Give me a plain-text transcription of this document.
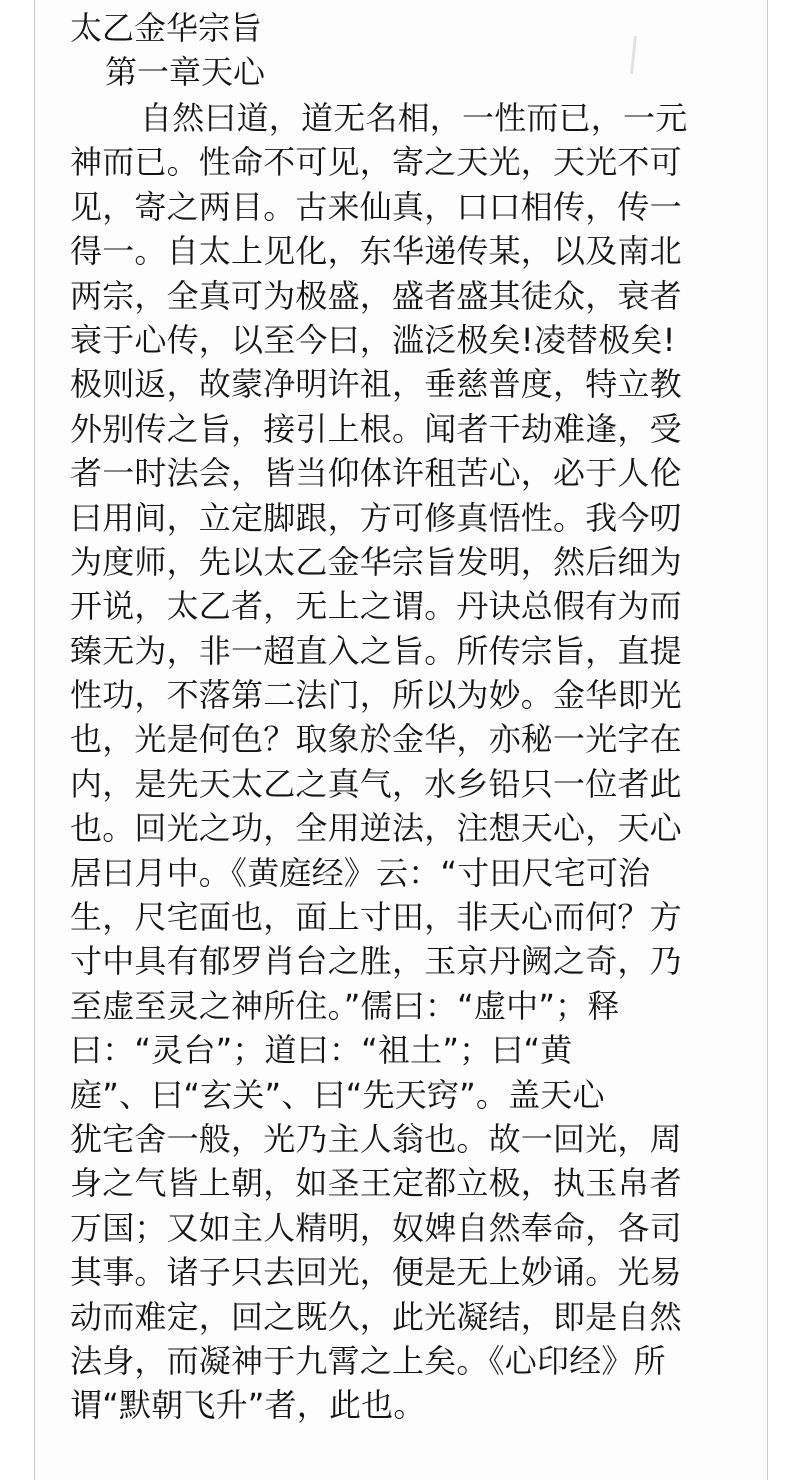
太乙金华宗旨
第一章天心
自然曰道，道无名相，一性而已，一元
神而已。性命不可见，寄之天光，天光不可
见，寄之两目。古来仙真，口口相传，传一
得一。自太上见化，东华递传某，以及南北
两宗，全真可为极盛，盛者盛其徒众，衰者
衰于心传，以至今曰，滥泛极矣!凌替极矣!
极则返，故蒙净明许祖，垂慈普度，特立教
外别传之旨，接引上根。闻者干劫难逢，受
者一时法会，皆当仰体许租苦心，必于人伦
曰用间，立定脚跟，方可修真悟性。我今叨
为度师，先以太乙金华宗旨发明，然后细为
开说，太乙者，无上之谓。丹诀总假有为而
臻无为，非一超直入之旨。所传宗旨，直提
性功，不落第二法门，所以为妙。金华即光
也，光是何色？取象於金华，亦秘一光字在
内，是先天太乙之真气，水乡铅只一位者此
也。回光之功，全用逆法，注想天心，天心
居曰月中。《黄庭经》云：“寸田尺宅可治
生，尺宅面也，面上寸田，非天心而何？方
寸中具有郁罗肖台之胜，玉京丹阙之奇，乃
至虚至灵之神所住。”儒曰：“虚中”；释
曰：“灵台”；道曰：“祖土”；曰“黄
庭”、曰“玄关”、曰“先天窍”。盖天心
犹宅舍一般，光乃主人翁也。故一回光，周
身之气皆上朝，如圣王定都立极，执玉帛者
万国；又如主人精明，奴婢自然奉命，各司
其事。诸子只去回光，便是无上妙诵。光易
动而难定，回之既久，此光凝结，即是自然
法身，而凝神于九霄之上矣。《心印经》所
谓“默朝飞升”者，此也。
